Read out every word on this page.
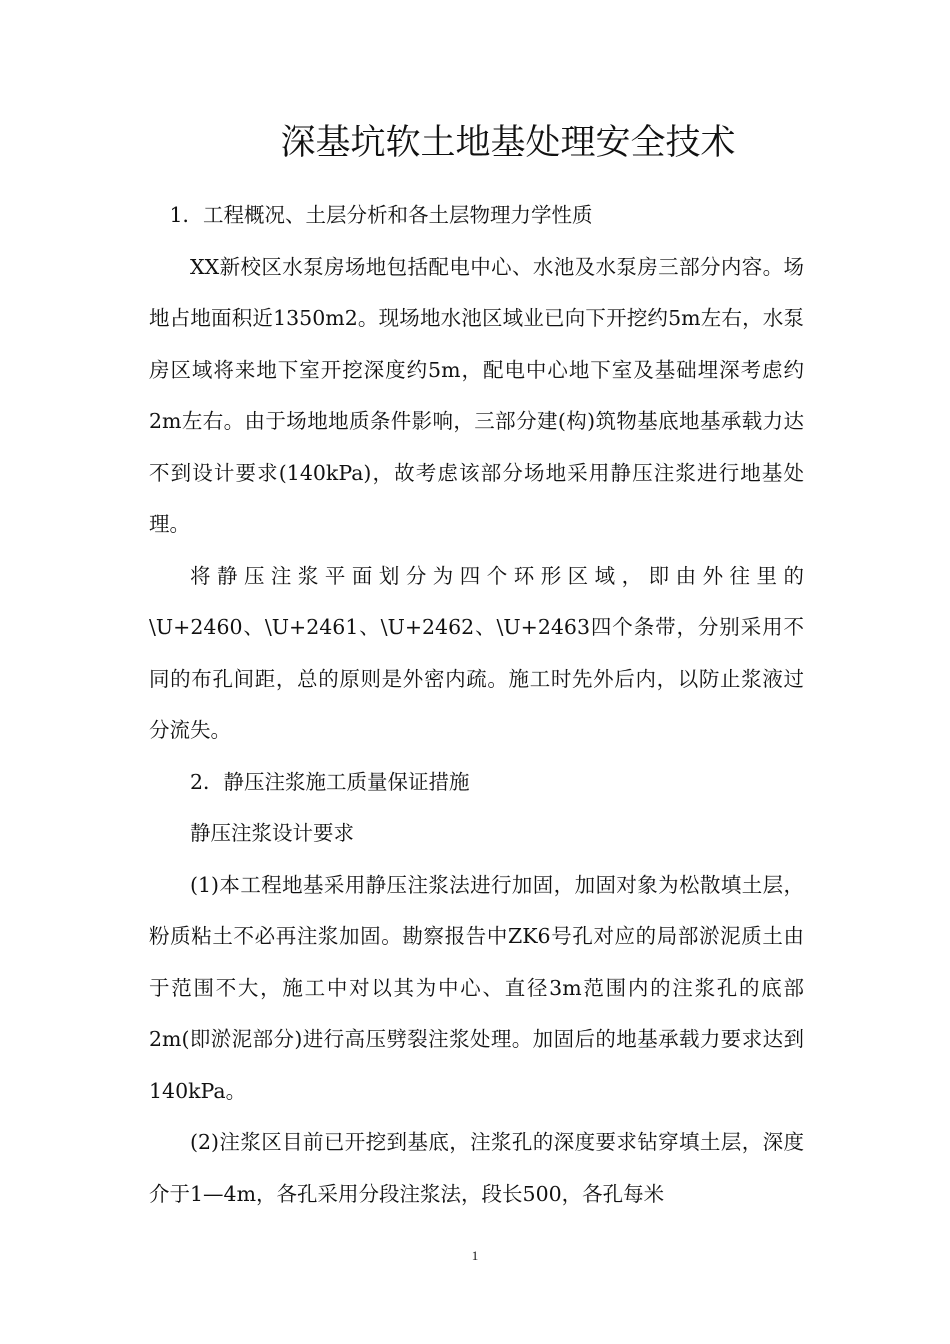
深基坑软土地基处理安全技术

1．工程概况、土层分析和各土层物理力学性质

XX新校区水泵房场地包括配电中心、水池及水泵房三部分内容。场地占地面积近1350m2。现场地水池区域业已向下开挖约5m左右，水泵房区域将来地下室开挖深度约5m，配电中心地下室及基础埋深考虑约2m左右。由于场地地质条件影响，三部分建(构)筑物基底地基承载力达不到设计要求(140kPa)，故考虑该部分场地采用静压注浆进行地基处理。

将静压注浆平面划分为四个环形区域，即由外往里的\U+2460、\U+2461、\U+2462、\U+2463四个条带，分别采用不同的布孔间距，总的原则是外密内疏。施工时先外后内，以防止浆液过分流失。

2．静压注浆施工质量保证措施

静压注浆设计要求

(1)本工程地基采用静压注浆法进行加固，加固对象为松散填土层，粉质粘土不必再注浆加固。勘察报告中ZK6号孔对应的局部淤泥质土由于范围不大，施工中对以其为中心、直径3m范围内的注浆孔的底部2m(即淤泥部分)进行高压劈裂注浆处理。加固后的地基承载力要求达到140kPa。

(2)注浆区目前已开挖到基底，注浆孔的深度要求钻穿填土层，深度介于1—4m，各孔采用分段注浆法，段长500，各孔每米

1
